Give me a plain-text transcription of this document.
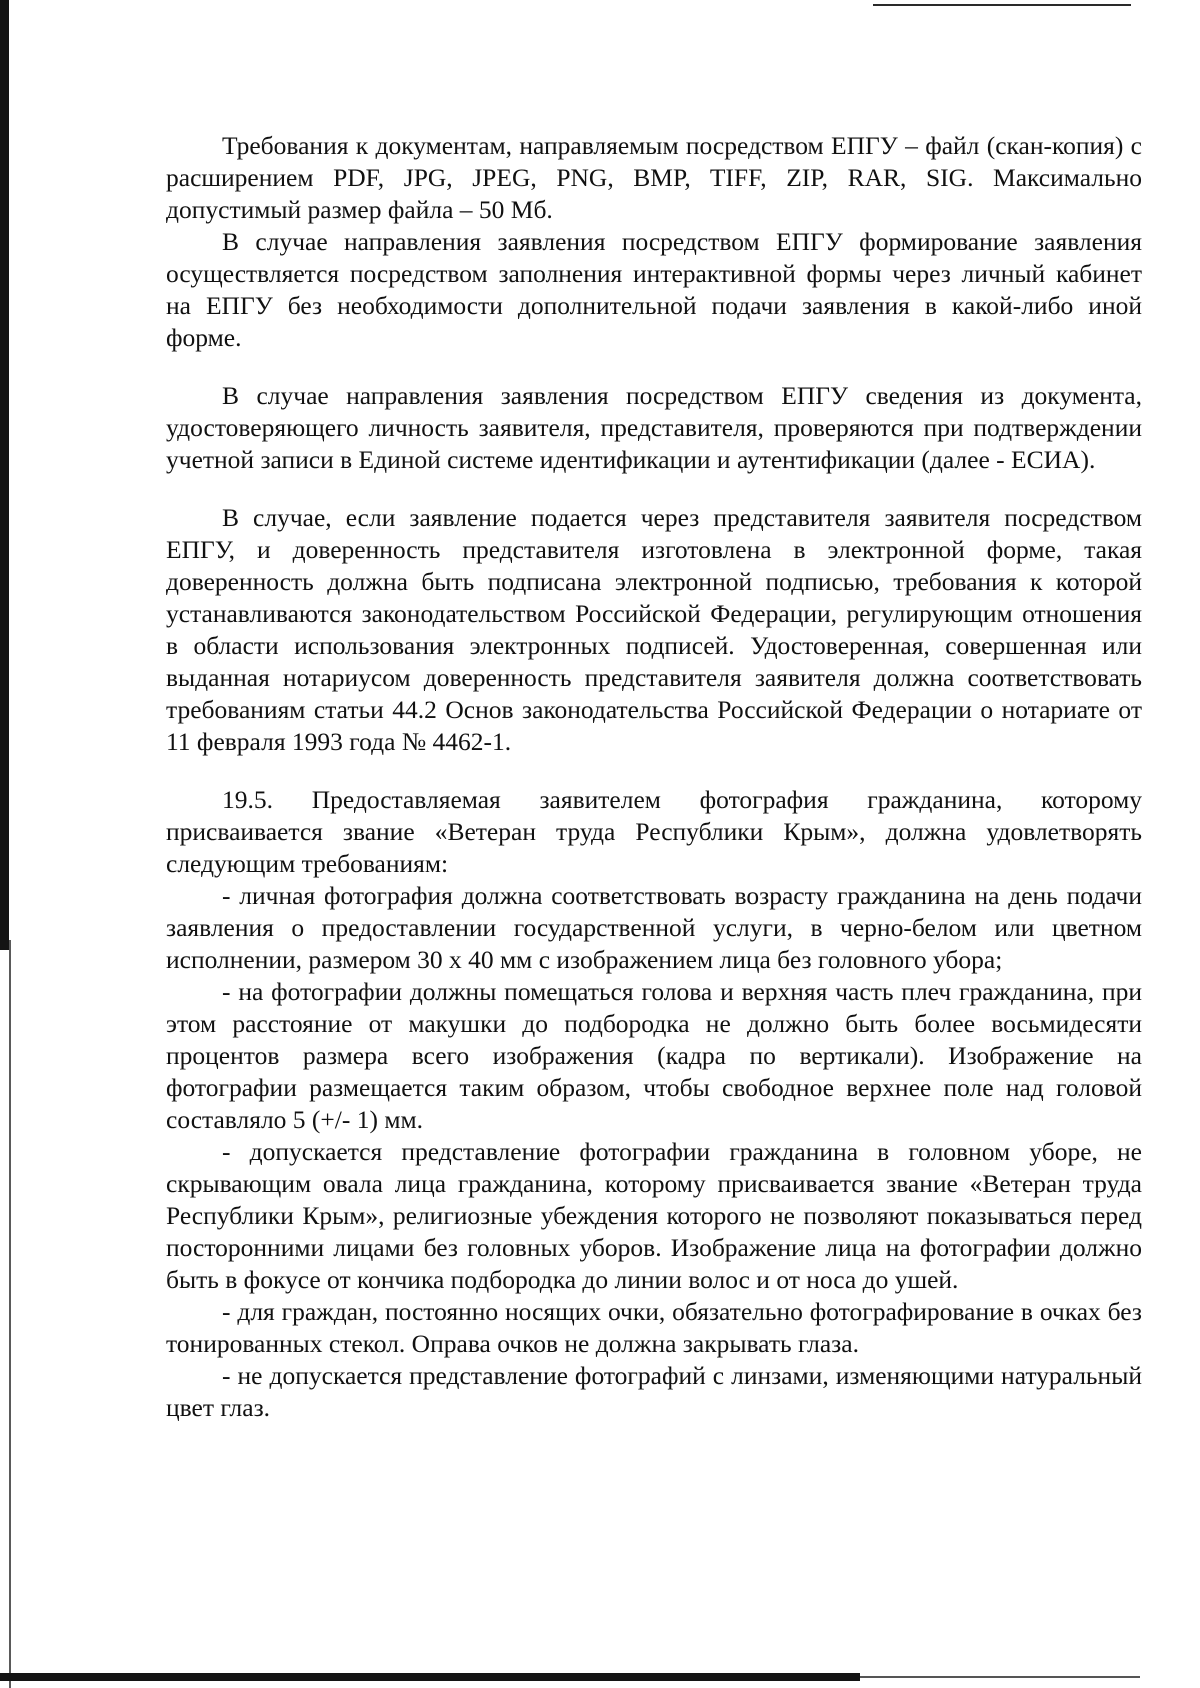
Требования к документам, направляемым посредством ЕПГУ – файл (скан-копия) с расширением PDF, JPG, JPEG, PNG, BMP, TIFF, ZIP, RAR, SIG. Максимально допустимый размер файла – 50 Мб.

В случае направления заявления посредством ЕПГУ формирование заявления осуществляется посредством заполнения интерактивной формы через личный кабинет на ЕПГУ без необходимости дополнительной подачи заявления в какой-либо иной форме.

В случае направления заявления посредством ЕПГУ сведения из документа, удостоверяющего личность заявителя, представителя, проверяются при подтверждении учетной записи в Единой системе идентификации и аутентификации (далее - ЕСИА).

В случае, если заявление подается через представителя заявителя посредством ЕПГУ, и доверенность представителя изготовлена в электронной форме, такая доверенность должна быть подписана электронной подписью, требования к которой устанавливаются законодательством Российской Федерации, регулирующим отношения в области использования электронных подписей. Удостоверенная, совершенная или выданная нотариусом доверенность представителя заявителя должна соответствовать требованиям статьи 44.2 Основ законодательства Российской Федерации о нотариате от 11 февраля 1993 года № 4462-1.

19.5. Предоставляемая заявителем фотография гражданина, которому присваивается звание «Ветеран труда Республики Крым», должна удовлетворять следующим требованиям:

- личная фотография должна соответствовать возрасту гражданина на день подачи заявления о предоставлении государственной услуги, в черно-белом или цветном исполнении, размером 30 х 40 мм с изображением лица без головного убора;

- на фотографии должны помещаться голова и верхняя часть плеч гражданина, при этом расстояние от макушки до подбородка не должно быть более восьмидесяти процентов размера всего изображения (кадра по вертикали). Изображение на фотографии размещается таким образом, чтобы свободное верхнее поле над головой составляло 5 (+/- 1) мм.

- допускается представление фотографии гражданина в головном уборе, не скрывающим овала лица гражданина, которому присваивается звание «Ветеран труда Республики Крым», религиозные убеждения которого не позволяют показываться перед посторонними лицами без головных уборов. Изображение лица на фотографии должно быть в фокусе от кончика подбородка до линии волос и от носа до ушей.

- для граждан, постоянно носящих очки, обязательно фотографирование в очках без тонированных стекол. Оправа очков не должна закрывать глаза.

- не допускается представление фотографий с линзами, изменяющими натуральный цвет глаз.
